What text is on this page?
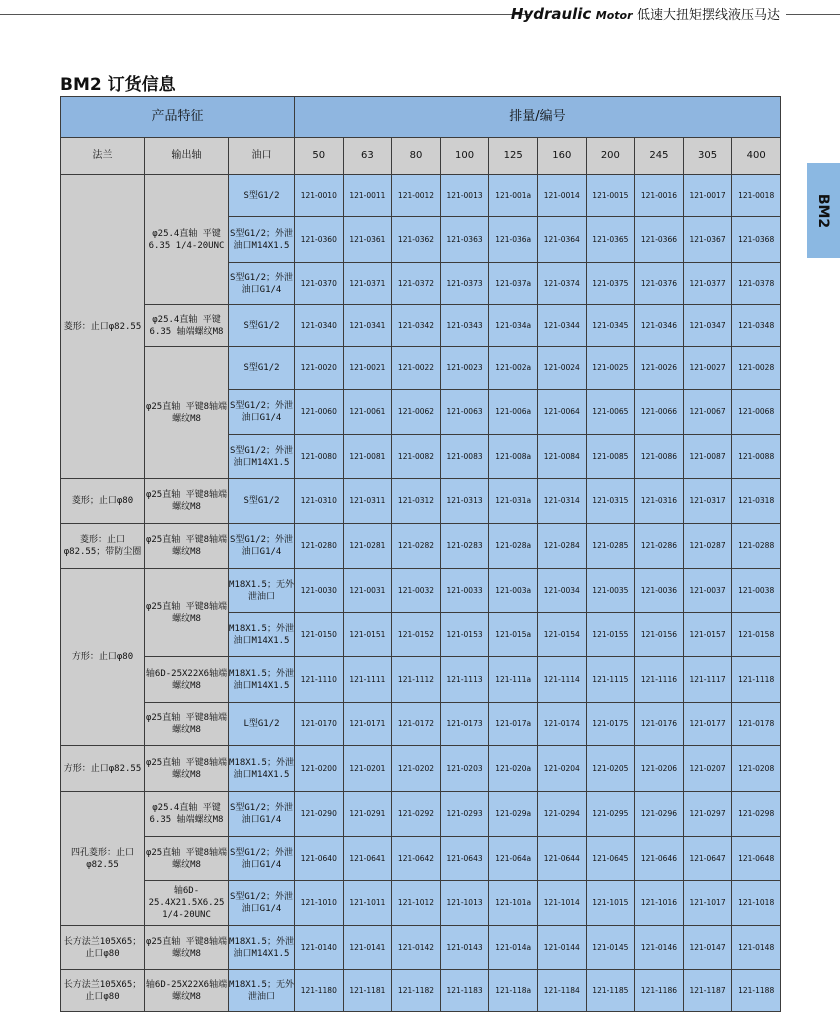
Hydraulic Motor 低速大扭矩摆线液压马达
BM2 订货信息
BM2
产品特征			排量/编号									
法兰	输出轴	油口	50	63	80	100	125	160	200	245	305	400
菱形：止口φ82.55	φ25.4直轴 平键6.35 1/4-20UNC	S型G1/2	121-0010	121-0011	121-0012	121-0013	121-001a	121-0014	121-0015	121-0016	121-0017	121-0018
		S型G1/2；外泄油口M14X1.5	121-0360	121-0361	121-0362	121-0363	121-036a	121-0364	121-0365	121-0366	121-0367	121-0368
		S型G1/2；外泄油口G1/4	121-0370	121-0371	121-0372	121-0373	121-037a	121-0374	121-0375	121-0376	121-0377	121-0378
	φ25.4直轴 平键6.35 轴端螺纹M8	S型G1/2	121-0340	121-0341	121-0342	121-0343	121-034a	121-0344	121-0345	121-0346	121-0347	121-0348
	φ25直轴 平键8轴端螺纹M8	S型G1/2	121-0020	121-0021	121-0022	121-0023	121-002a	121-0024	121-0025	121-0026	121-0027	121-0028
		S型G1/2；外泄油口G1/4	121-0060	121-0061	121-0062	121-0063	121-006a	121-0064	121-0065	121-0066	121-0067	121-0068
		S型G1/2；外泄油口M14X1.5	121-0080	121-0081	121-0082	121-0083	121-008a	121-0084	121-0085	121-0086	121-0087	121-0088
菱形；止口φ80	φ25直轴 平键8轴端螺纹M8	S型G1/2	121-0310	121-0311	121-0312	121-0313	121-031a	121-0314	121-0315	121-0316	121-0317	121-0318
菱形：止口φ82.55；带防尘圈	φ25直轴 平键8轴端螺纹M8	S型G1/2；外泄油口G1/4	121-0280	121-0281	121-0282	121-0283	121-028a	121-0284	121-0285	121-0286	121-0287	121-0288
方形：止口φ80	φ25直轴 平键8轴端螺纹M8	M18X1.5；无外泄油口	121-0030	121-0031	121-0032	121-0033	121-003a	121-0034	121-0035	121-0036	121-0037	121-0038
		M18X1.5；外泄油口M14X1.5	121-0150	121-0151	121-0152	121-0153	121-015a	121-0154	121-0155	121-0156	121-0157	121-0158
	轴6D-25X22X6轴端螺纹M8	M18X1.5；外泄油口M14X1.5	121-1110	121-1111	121-1112	121-1113	121-111a	121-1114	121-1115	121-1116	121-1117	121-1118
	φ25直轴 平键8轴端螺纹M8	L型G1/2	121-0170	121-0171	121-0172	121-0173	121-017a	121-0174	121-0175	121-0176	121-0177	121-0178
方形：止口φ82.55	φ25直轴 平键8轴端螺纹M8	M18X1.5；外泄油口M14X1.5	121-0200	121-0201	121-0202	121-0203	121-020a	121-0204	121-0205	121-0206	121-0207	121-0208
四孔菱形：止口φ82.55	φ25.4直轴 平键6.35 轴端螺纹M8	S型G1/2；外泄油口G1/4	121-0290	121-0291	121-0292	121-0293	121-029a	121-0294	121-0295	121-0296	121-0297	121-0298
	φ25直轴 平键8轴端螺纹M8	S型G1/2；外泄油口G1/4	121-0640	121-0641	121-0642	121-0643	121-064a	121-0644	121-0645	121-0646	121-0647	121-0648
	轴6D-25.4X21.5X6.25 1/4-20UNC	S型G1/2；外泄油口G1/4	121-1010	121-1011	121-1012	121-1013	121-101a	121-1014	121-1015	121-1016	121-1017	121-1018
长方法兰105X65；止口φ80	φ25直轴 平键8轴端螺纹M8	M18X1.5；外泄油口M14X1.5	121-0140	121-0141	121-0142	121-0143	121-014a	121-0144	121-0145	121-0146	121-0147	121-0148
长方法兰105X65；止口φ80	轴6D-25X22X6轴端螺纹M8	M18X1.5；无外泄油口	121-1180	121-1181	121-1182	121-1183	121-118a	121-1184	121-1185	121-1186	121-1187	121-1188
